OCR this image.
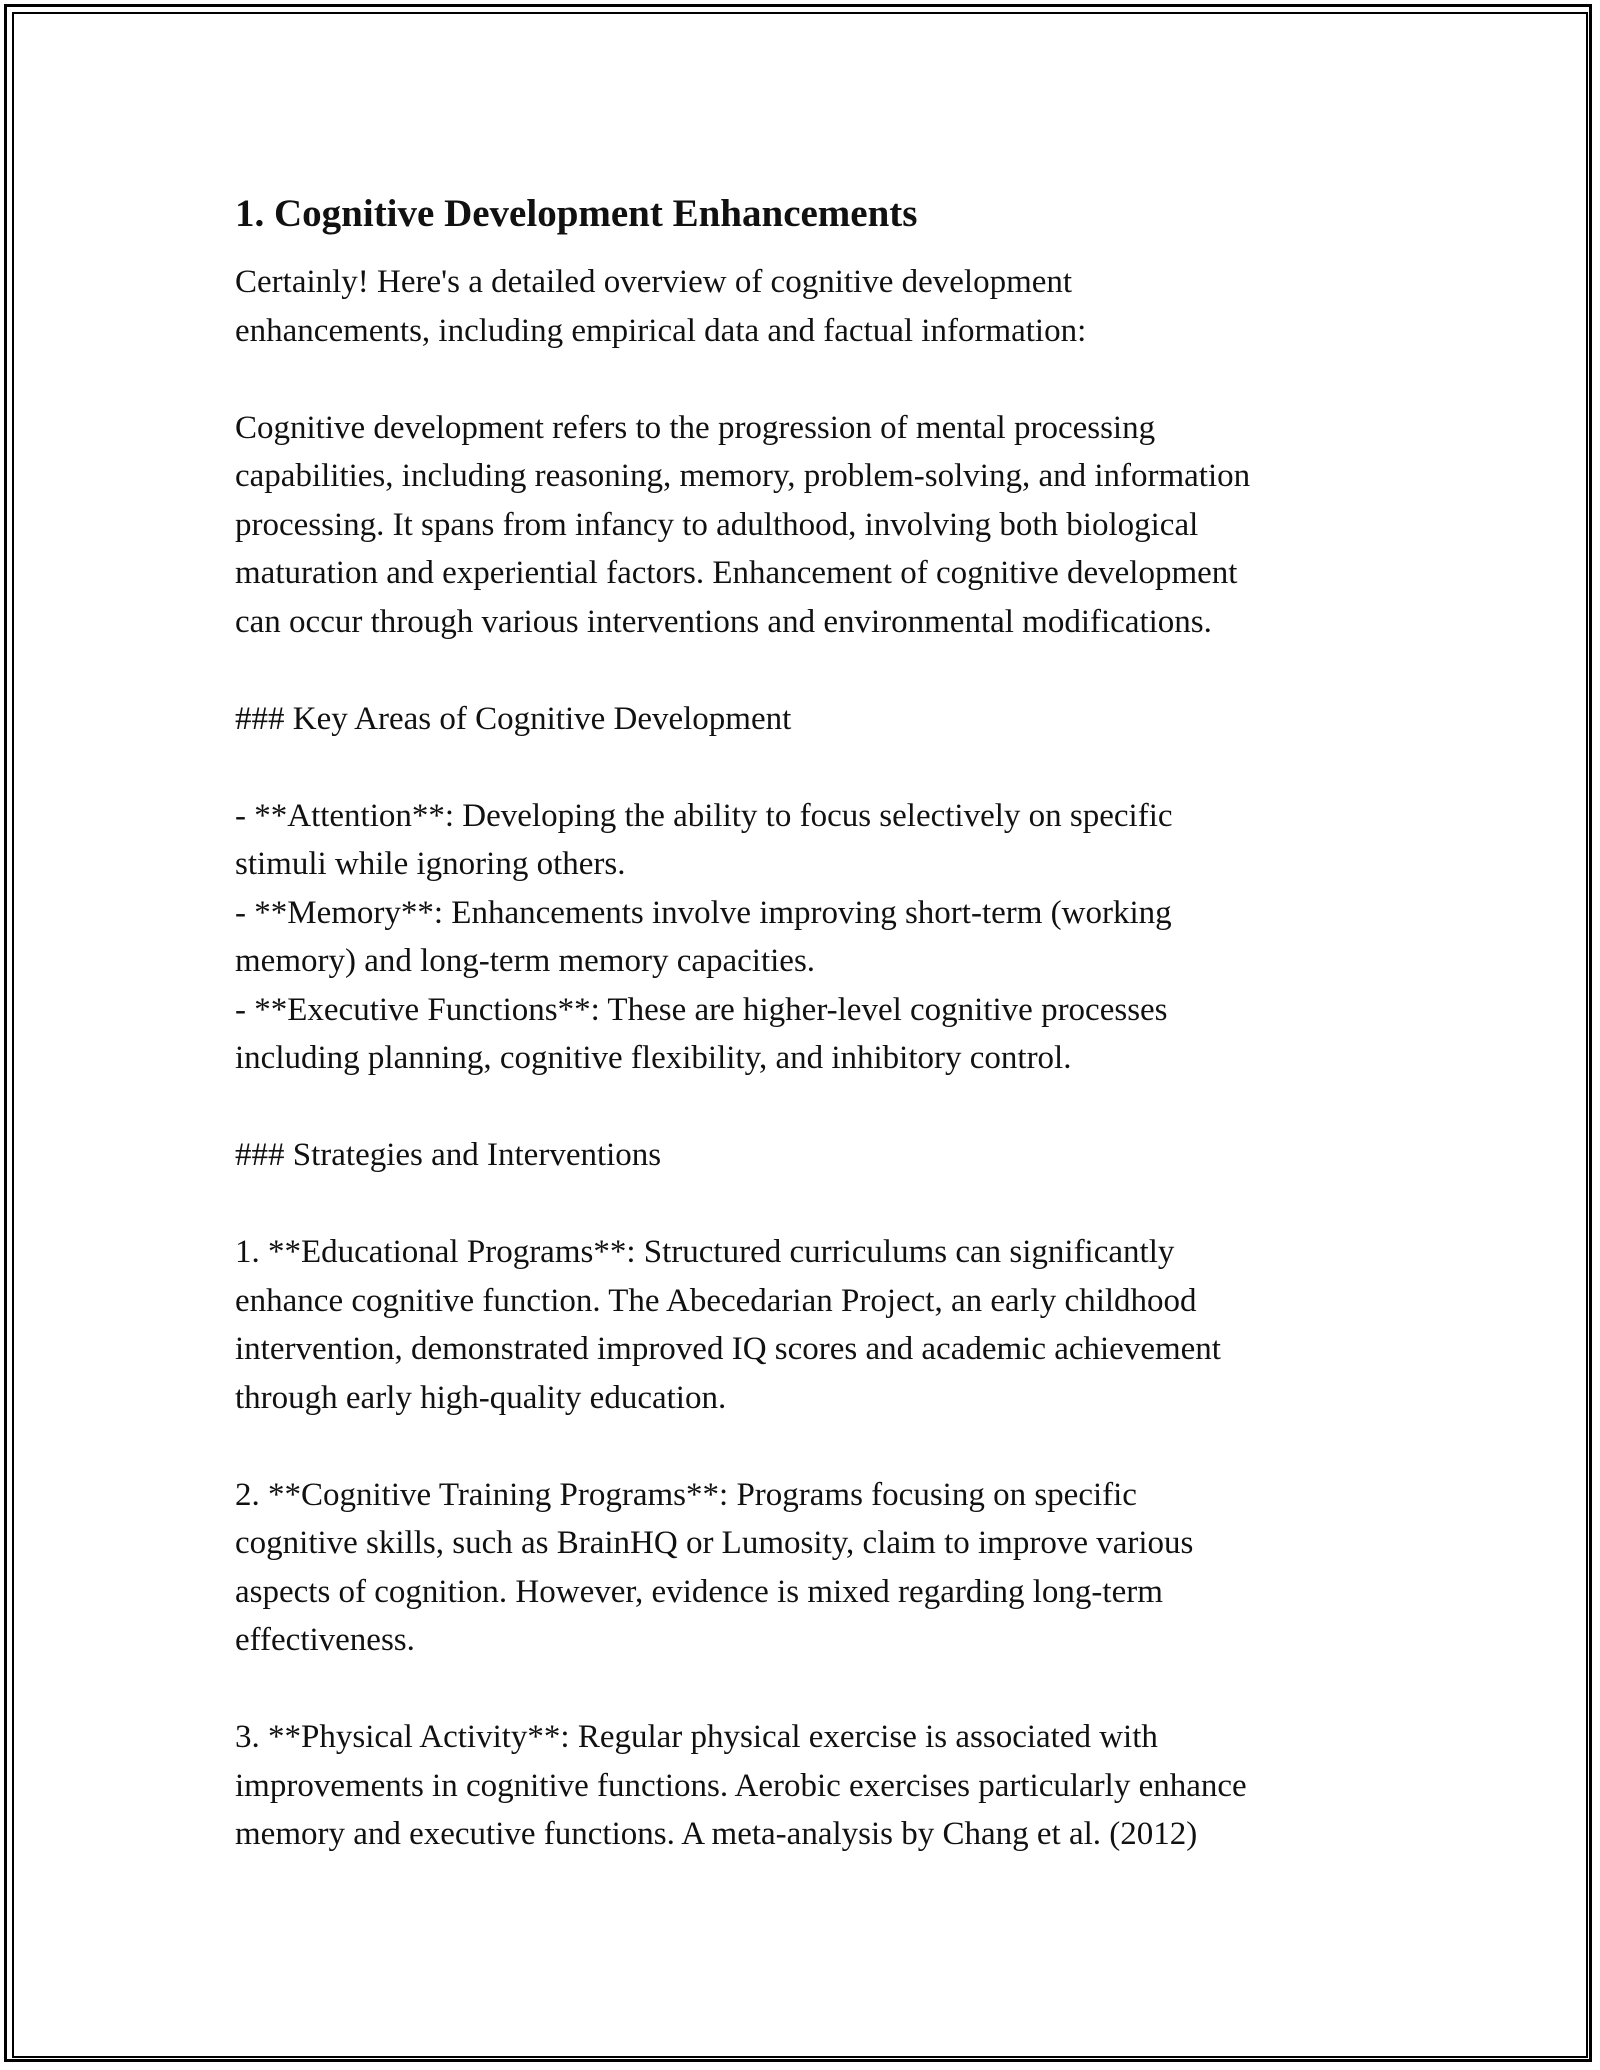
1. Cognitive Development Enhancements

Certainly! Here's a detailed overview of cognitive development
enhancements, including empirical data and factual information:

Cognitive development refers to the progression of mental processing
capabilities, including reasoning, memory, problem-solving, and information
processing. It spans from infancy to adulthood, involving both biological
maturation and experiential factors. Enhancement of cognitive development
can occur through various interventions and environmental modifications.

### Key Areas of Cognitive Development

- **Attention**: Developing the ability to focus selectively on specific
stimuli while ignoring others.
- **Memory**: Enhancements involve improving short-term (working
memory) and long-term memory capacities.
- **Executive Functions**: These are higher-level cognitive processes
including planning, cognitive flexibility, and inhibitory control.

### Strategies and Interventions

1. **Educational Programs**: Structured curriculums can significantly
enhance cognitive function. The Abecedarian Project, an early childhood
intervention, demonstrated improved IQ scores and academic achievement
through early high-quality education.

2. **Cognitive Training Programs**: Programs focusing on specific
cognitive skills, such as BrainHQ or Lumosity, claim to improve various
aspects of cognition. However, evidence is mixed regarding long-term
effectiveness.

3. **Physical Activity**: Regular physical exercise is associated with
improvements in cognitive functions. Aerobic exercises particularly enhance
memory and executive functions. A meta-analysis by Chang et al. (2012)
